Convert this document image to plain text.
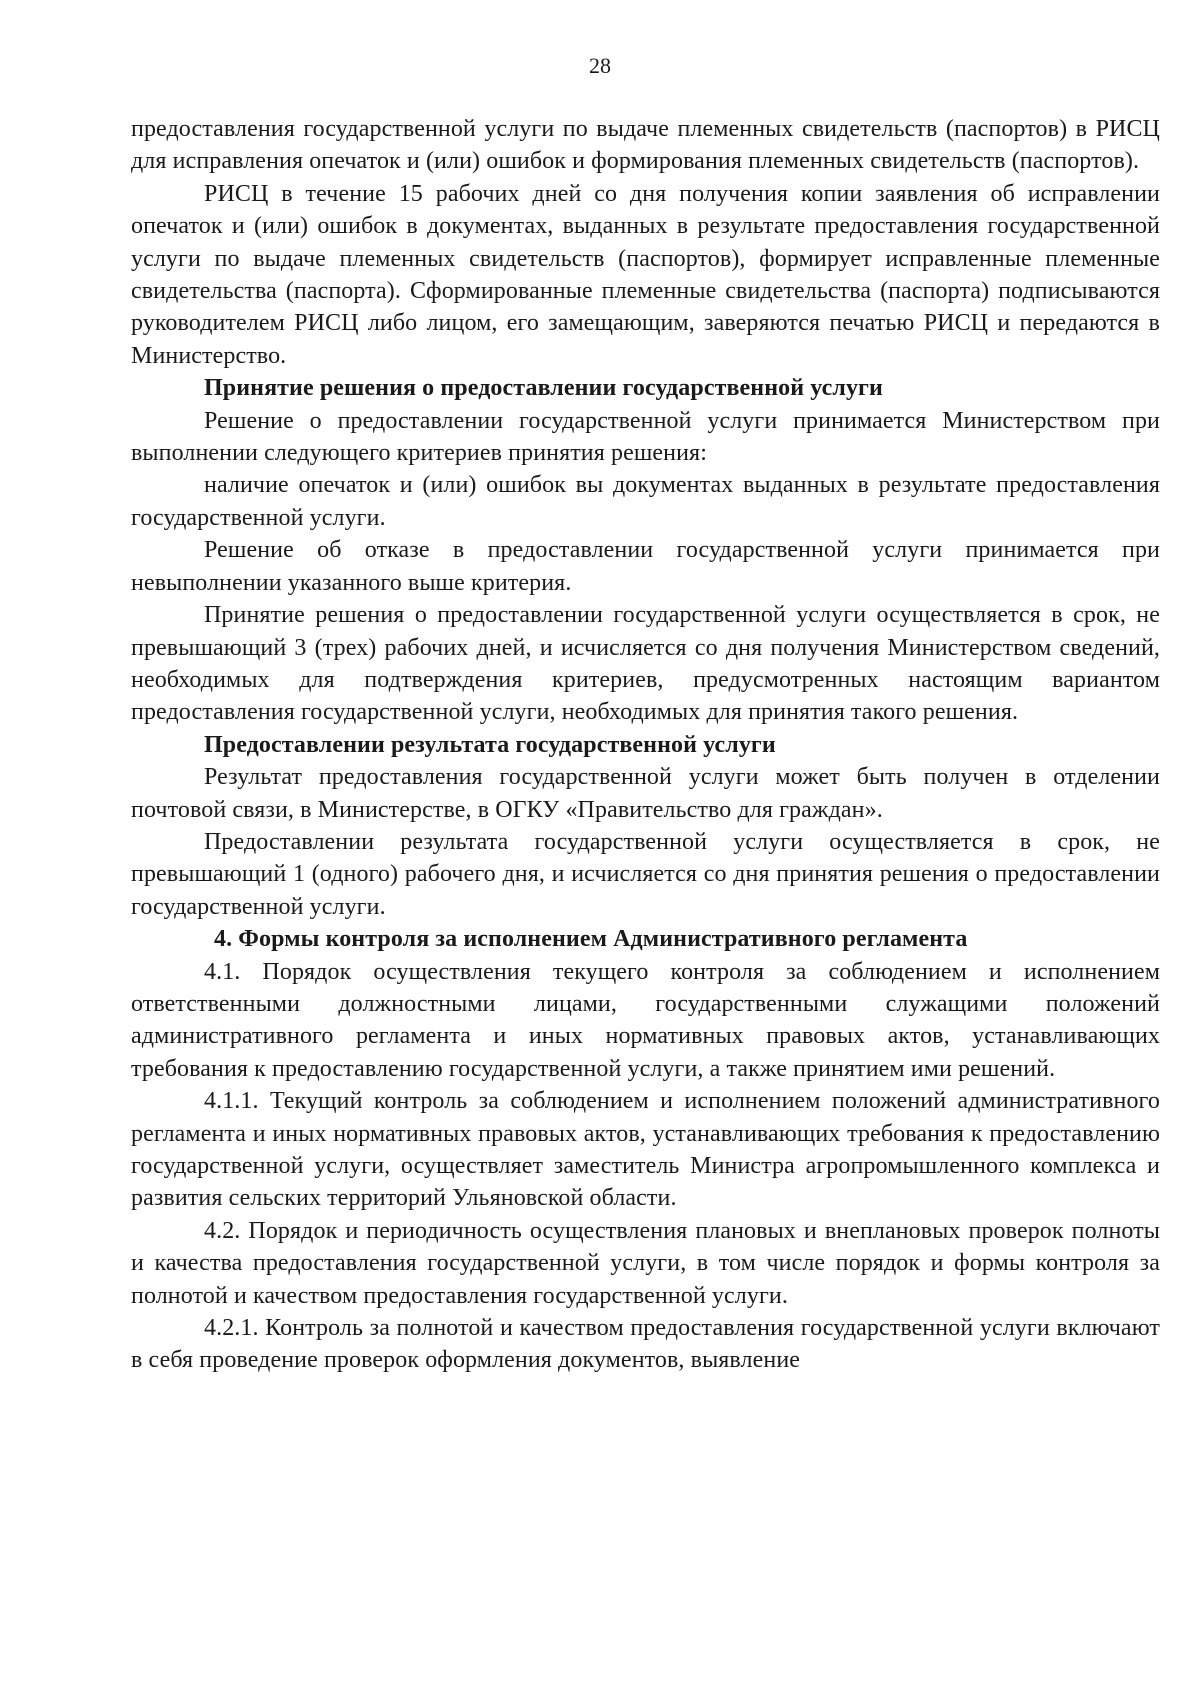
28

предоставления государственной услуги по выдаче племенных свидетельств (паспортов) в РИСЦ для исправления опечаток и (или) ошибок и формирования племенных свидетельств (паспортов).

РИСЦ в течение 15 рабочих дней со дня получения копии заявления об исправлении опечаток и (или) ошибок в документах, выданных в результате предоставления государственной услуги по выдаче племенных свидетельств (паспортов), формирует исправленные племенные свидетельства (паспорта). Сформированные племенные свидетельства (паспорта) подписываются руководителем РИСЦ либо лицом, его замещающим, заверяются печатью РИСЦ и передаются в Министерство.

Принятие решения о предоставлении государственной услуги

Решение о предоставлении государственной услуги принимается Министерством при выполнении следующего критериев принятия решения:

наличие опечаток и (или) ошибок вы документах выданных в результате предоставления государственной услуги.

Решение об отказе в предоставлении государственной услуги принимается при невыполнении указанного выше критерия.

Принятие решения о предоставлении государственной услуги осуществляется в срок, не превышающий 3 (трех) рабочих дней, и исчисляется со дня получения Министерством сведений, необходимых для подтверждения критериев, предусмотренных настоящим вариантом предоставления государственной услуги, необходимых для принятия такого решения.

Предоставлении результата государственной услуги

Результат предоставления государственной услуги может быть получен в отделении почтовой связи, в Министерстве, в ОГКУ «Правительство для граждан».

Предоставлении результата государственной услуги осуществляется в срок, не превышающий 1 (одного) рабочего дня, и исчисляется со дня принятия решения о предоставлении государственной услуги.

4. Формы контроля за исполнением Административного регламента

4.1. Порядок осуществления текущего контроля за соблюдением и исполнением ответственными должностными лицами, государственными служащими положений административного регламента и иных нормативных правовых актов, устанавливающих требования к предоставлению государственной услуги, а также принятием ими решений.

4.1.1. Текущий контроль за соблюдением и исполнением положений административного регламента и иных нормативных правовых актов, устанавливающих требования к предоставлению государственной услуги, осуществляет заместитель Министра агропромышленного комплекса и развития сельских территорий Ульяновской области.

4.2. Порядок и периодичность осуществления плановых и внеплановых проверок полноты и качества предоставления государственной услуги, в том числе порядок и формы контроля за полнотой и качеством предоставления государственной услуги.

4.2.1. Контроль за полнотой и качеством предоставления государственной услуги включают в себя проведение проверок оформления документов, выявление
